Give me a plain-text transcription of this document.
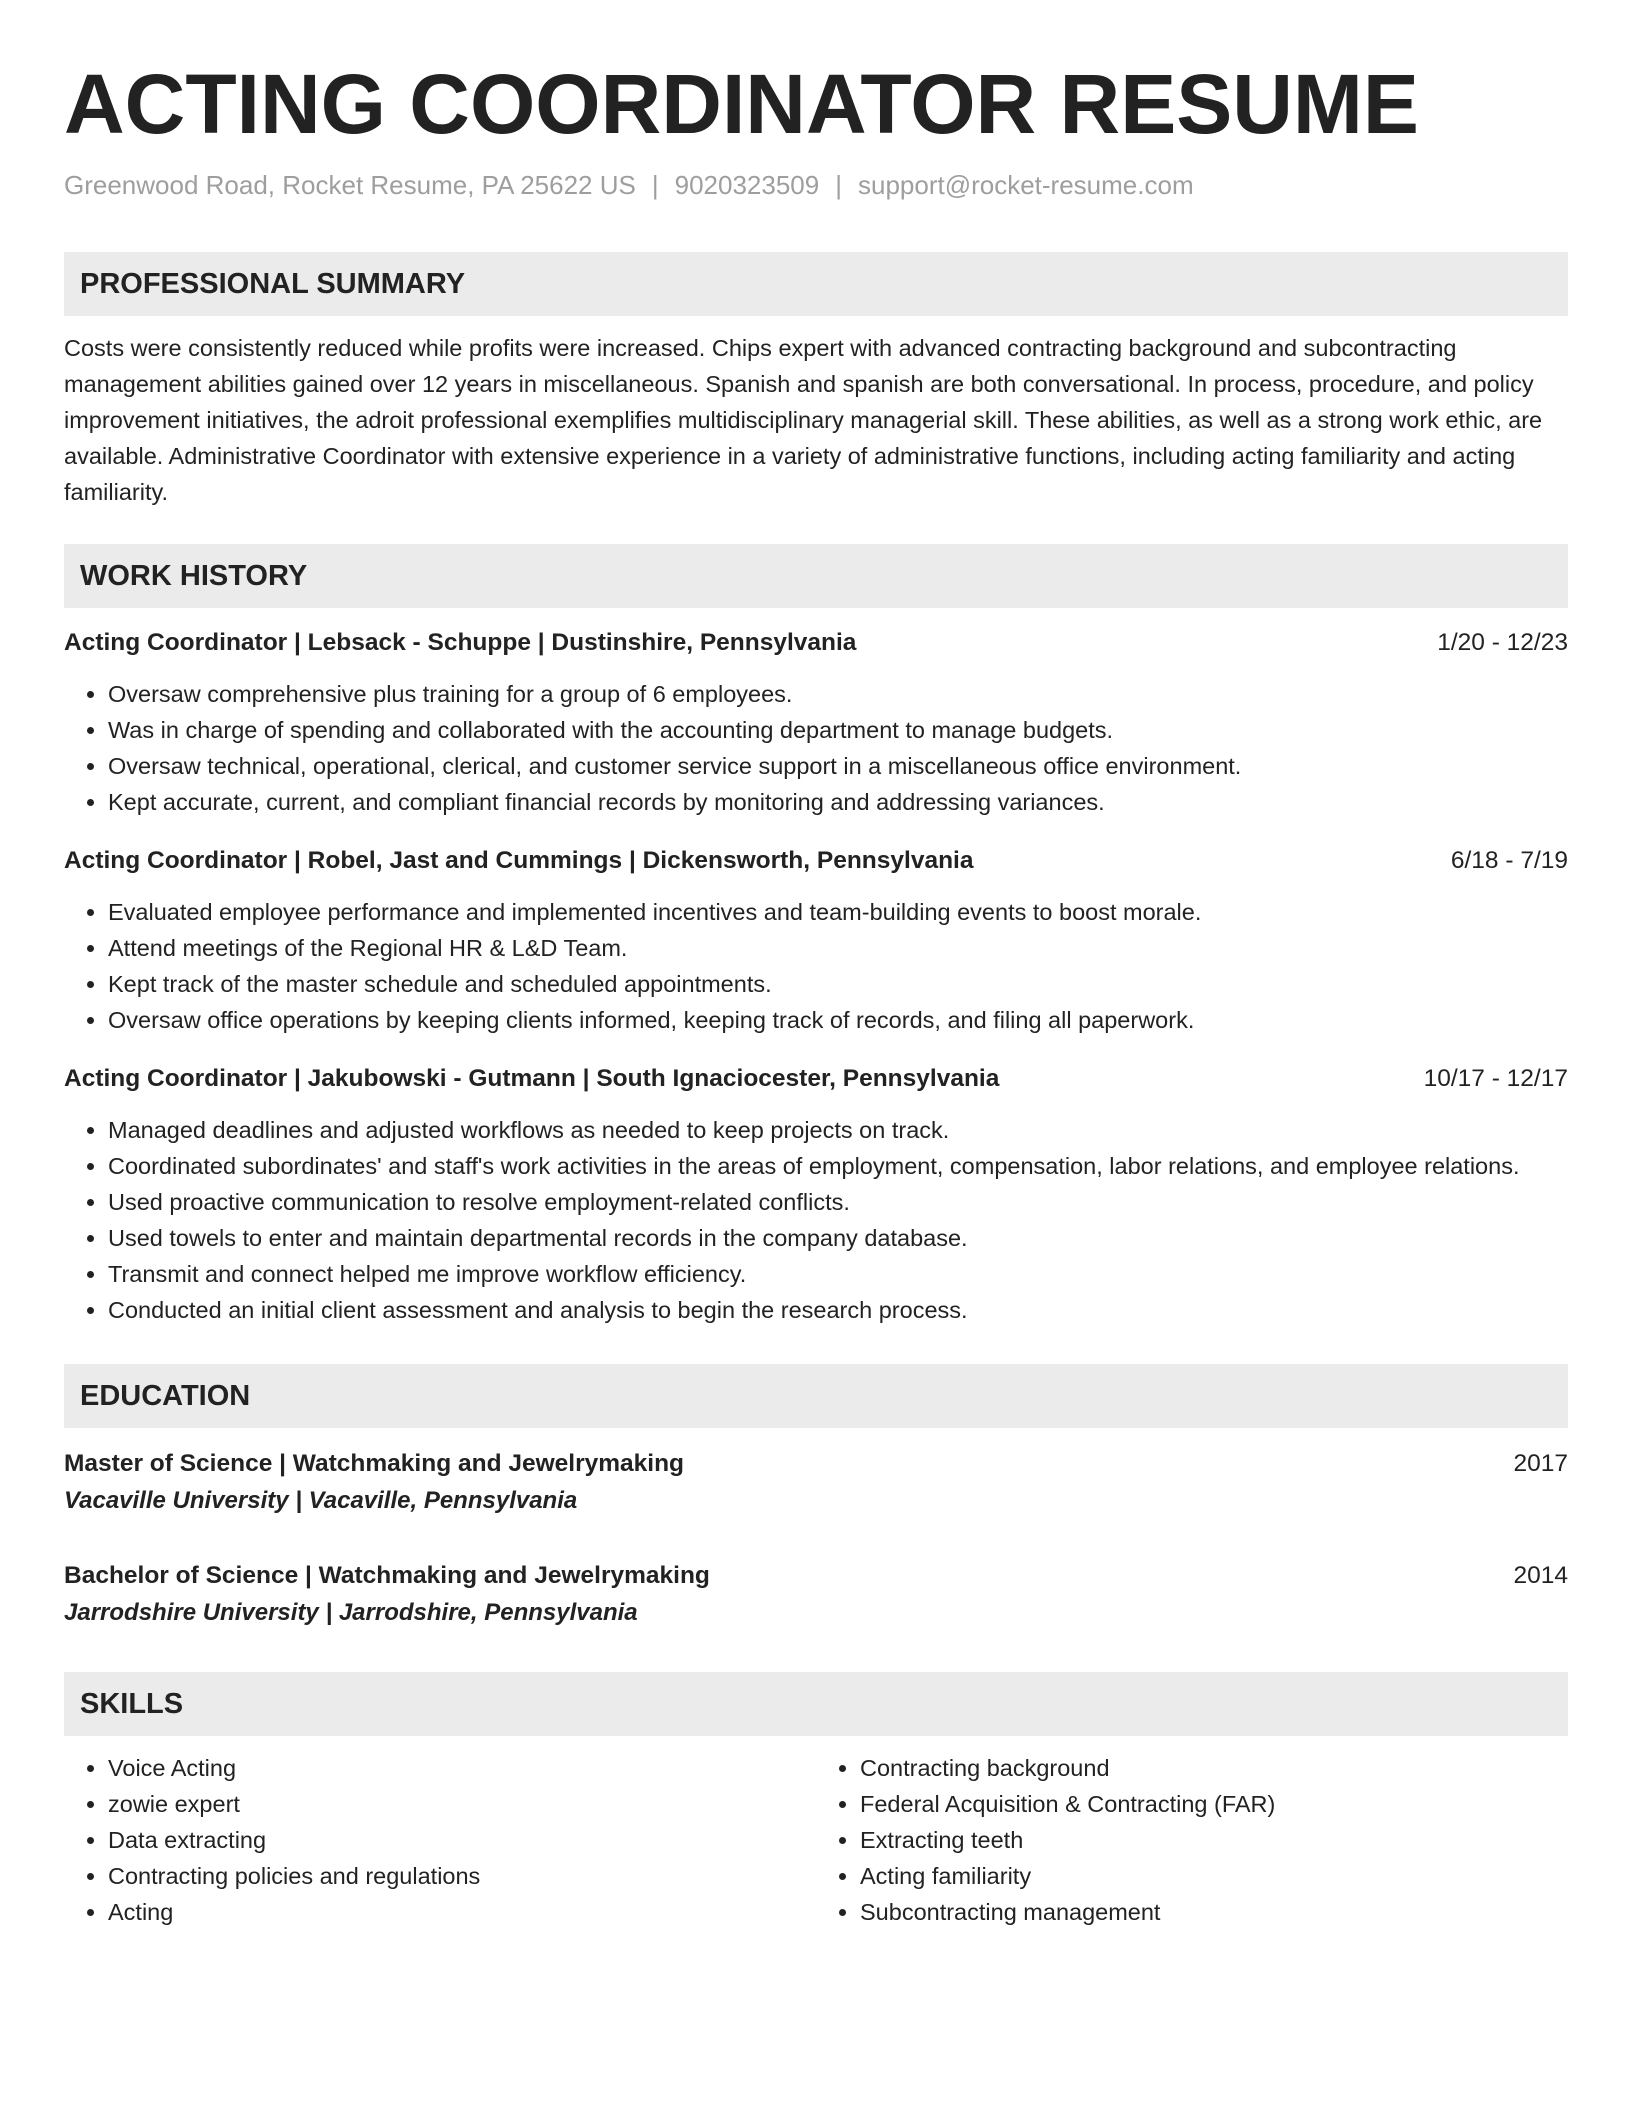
ACTING COORDINATOR RESUME
Greenwood Road, Rocket Resume, PA 25622 US | 9020323509 | support@rocket-resume.com
PROFESSIONAL SUMMARY
Costs were consistently reduced while profits were increased. Chips expert with advanced contracting background and subcontracting management abilities gained over 12 years in miscellaneous. Spanish and spanish are both conversational. In process, procedure, and policy improvement initiatives, the adroit professional exemplifies multidisciplinary managerial skill. These abilities, as well as a strong work ethic, are available. Administrative Coordinator with extensive experience in a variety of administrative functions, including acting familiarity and acting familiarity.
WORK HISTORY
Acting Coordinator | Lebsack - Schuppe | Dustinshire, Pennsylvania	1/20 - 12/23
• Oversaw comprehensive plus training for a group of 6 employees.
• Was in charge of spending and collaborated with the accounting department to manage budgets.
• Oversaw technical, operational, clerical, and customer service support in a miscellaneous office environment.
• Kept accurate, current, and compliant financial records by monitoring and addressing variances.
Acting Coordinator | Robel, Jast and Cummings | Dickensworth, Pennsylvania	6/18 - 7/19
• Evaluated employee performance and implemented incentives and team-building events to boost morale.
• Attend meetings of the Regional HR & L&D Team.
• Kept track of the master schedule and scheduled appointments.
• Oversaw office operations by keeping clients informed, keeping track of records, and filing all paperwork.
Acting Coordinator | Jakubowski - Gutmann | South Ignaciocester, Pennsylvania	10/17 - 12/17
• Managed deadlines and adjusted workflows as needed to keep projects on track.
• Coordinated subordinates' and staff's work activities in the areas of employment, compensation, labor relations, and employee relations.
• Used proactive communication to resolve employment-related conflicts.
• Used towels to enter and maintain departmental records in the company database.
• Transmit and connect helped me improve workflow efficiency.
• Conducted an initial client assessment and analysis to begin the research process.
EDUCATION
Master of Science | Watchmaking and Jewelrymaking	2017
Vacaville University | Vacaville, Pennsylvania
Bachelor of Science | Watchmaking and Jewelrymaking	2014
Jarrodshire University | Jarrodshire, Pennsylvania
SKILLS
• Voice Acting
• zowie expert
• Data extracting
• Contracting policies and regulations
• Acting
• Contracting background
• Federal Acquisition & Contracting (FAR)
• Extracting teeth
• Acting familiarity
• Subcontracting management
